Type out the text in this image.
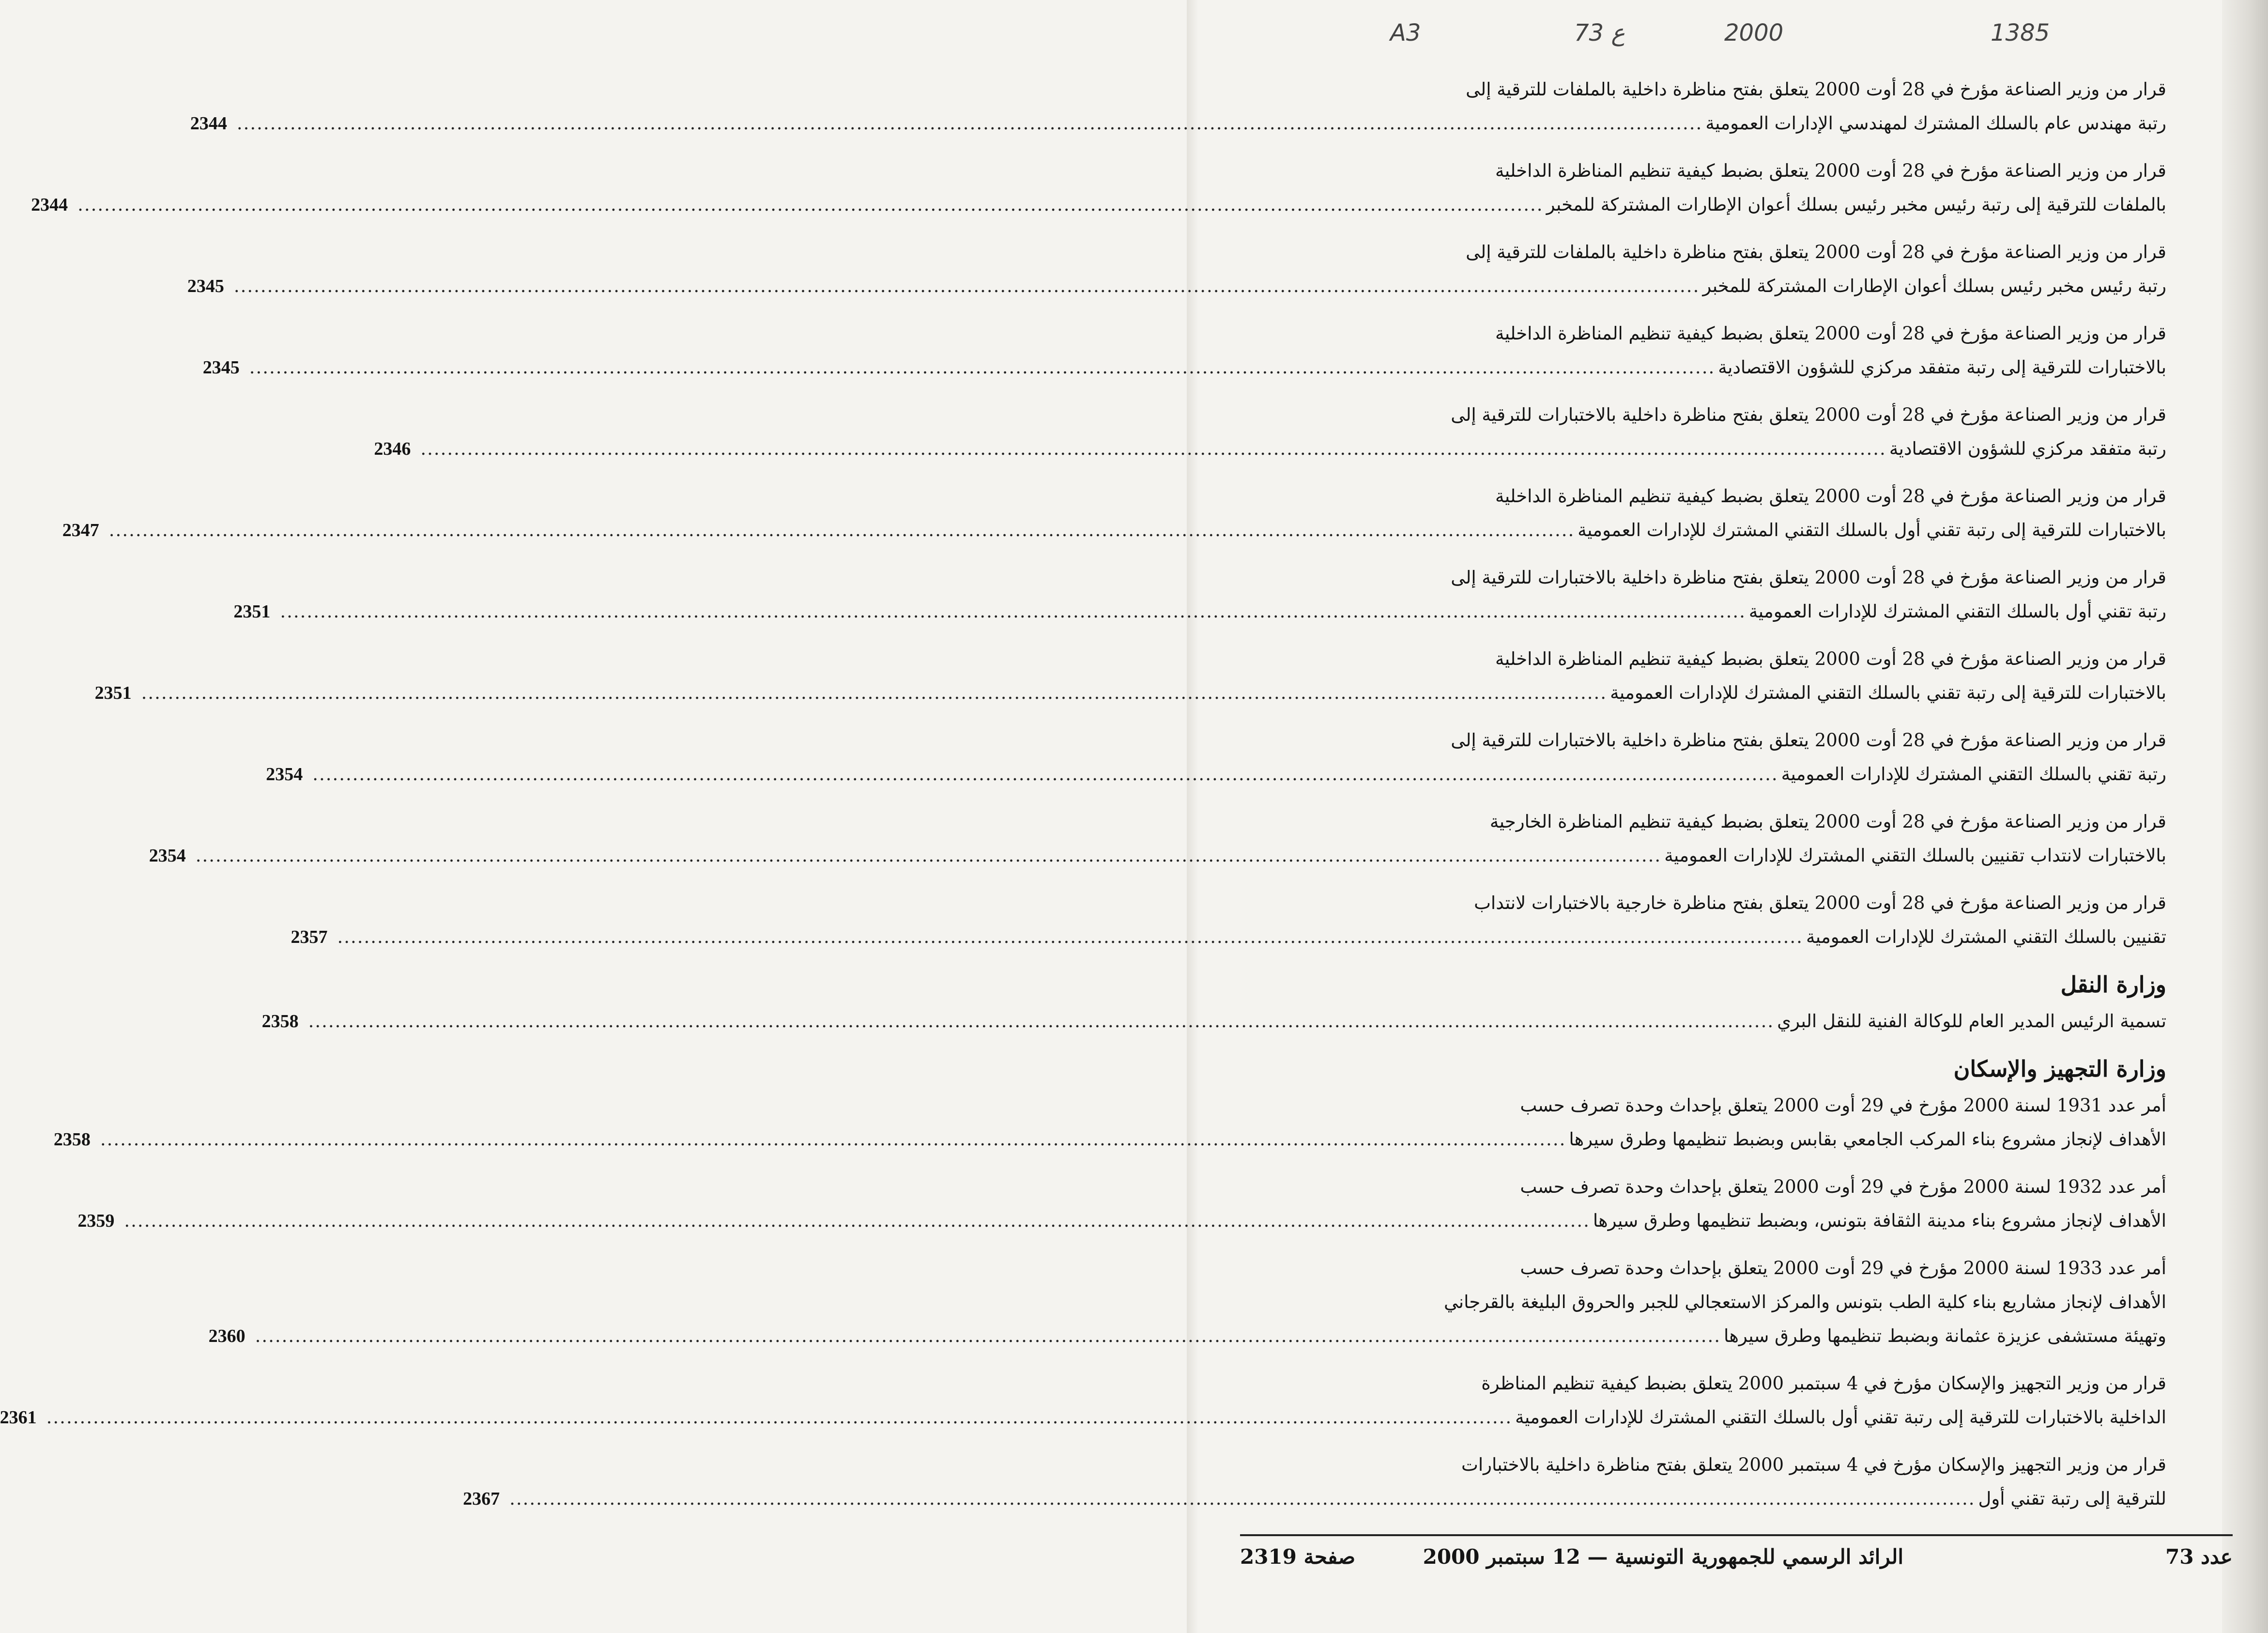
A3	73 ع	2000	1385
قرار من وزير الصناعة مؤرخ في 28 أوت 2000 يتعلق بفتح مناظرة داخلية بالملفات للترقية إلى
رتبة مهندس عام بالسلك المشترك لمهندسي الإدارات العمومية
............................................................................................................................................................................................................................
2344
قرار من وزير الصناعة مؤرخ في 28 أوت 2000 يتعلق بضبط كيفية تنظيم المناظرة الداخلية
بالملفات للترقية إلى رتبة رئيس مخبر رئيس بسلك أعوان الإطارات المشتركة للمخبر
............................................................................................................................................................................................................................
2344
قرار من وزير الصناعة مؤرخ في 28 أوت 2000 يتعلق بفتح مناظرة داخلية بالملفات للترقية إلى
رتبة رئيس مخبر رئيس بسلك أعوان الإطارات المشتركة للمخبر
............................................................................................................................................................................................................................
2345
قرار من وزير الصناعة مؤرخ في 28 أوت 2000 يتعلق بضبط كيفية تنظيم المناظرة الداخلية
بالاختبارات للترقية إلى رتبة متفقد مركزي للشؤون الاقتصادية
............................................................................................................................................................................................................................
2345
قرار من وزير الصناعة مؤرخ في 28 أوت 2000 يتعلق بفتح مناظرة داخلية بالاختبارات للترقية إلى
رتبة متفقد مركزي للشؤون الاقتصادية
............................................................................................................................................................................................................................
2346
قرار من وزير الصناعة مؤرخ في 28 أوت 2000 يتعلق بضبط كيفية تنظيم المناظرة الداخلية
بالاختبارات للترقية إلى رتبة تقني أول بالسلك التقني المشترك للإدارات العمومية
............................................................................................................................................................................................................................
2347
قرار من وزير الصناعة مؤرخ في 28 أوت 2000 يتعلق بفتح مناظرة داخلية بالاختبارات للترقية إلى
رتبة تقني أول بالسلك التقني المشترك للإدارات العمومية
............................................................................................................................................................................................................................
2351
قرار من وزير الصناعة مؤرخ في 28 أوت 2000 يتعلق بضبط كيفية تنظيم المناظرة الداخلية
بالاختبارات للترقية إلى رتبة تقني بالسلك التقني المشترك للإدارات العمومية
............................................................................................................................................................................................................................
2351
قرار من وزير الصناعة مؤرخ في 28 أوت 2000 يتعلق بفتح مناظرة داخلية بالاختبارات للترقية إلى
رتبة تقني بالسلك التقني المشترك للإدارات العمومية
............................................................................................................................................................................................................................
2354
قرار من وزير الصناعة مؤرخ في 28 أوت 2000 يتعلق بضبط كيفية تنظيم المناظرة الخارجية
بالاختبارات لانتداب تقنيين بالسلك التقني المشترك للإدارات العمومية
............................................................................................................................................................................................................................
2354
قرار من وزير الصناعة مؤرخ في 28 أوت 2000 يتعلق بفتح مناظرة خارجية بالاختبارات لانتداب
تقنيين بالسلك التقني المشترك للإدارات العمومية
............................................................................................................................................................................................................................
2357
وزارة النقل
تسمية الرئيس المدير العام للوكالة الفنية للنقل البري
............................................................................................................................................................................................................................
2358
وزارة التجهيز والإسكان
أمر عدد 1931 لسنة 2000 مؤرخ في 29 أوت 2000 يتعلق بإحداث وحدة تصرف حسب
الأهداف لإنجاز مشروع بناء المركب الجامعي بقابس وبضبط تنظيمها وطرق سيرها
............................................................................................................................................................................................................................
2358
أمر عدد 1932 لسنة 2000 مؤرخ في 29 أوت 2000 يتعلق بإحداث وحدة تصرف حسب
الأهداف لإنجاز مشروع بناء مدينة الثقافة بتونس، وبضبط تنظيمها وطرق سيرها
............................................................................................................................................................................................................................
2359
أمر عدد 1933 لسنة 2000 مؤرخ في 29 أوت 2000 يتعلق بإحداث وحدة تصرف حسب
الأهداف لإنجاز مشاريع بناء كلية الطب بتونس والمركز الاستعجالي للجبر والحروق البليغة بالقرجاني
وتهيئة مستشفى عزيزة عثمانة وبضبط تنظيمها وطرق سيرها
............................................................................................................................................................................................................................
2360
قرار من وزير التجهيز والإسكان مؤرخ في 4 سبتمبر 2000 يتعلق بضبط كيفية تنظيم المناظرة
الداخلية بالاختبارات للترقية إلى رتبة تقني أول بالسلك التقني المشترك للإدارات العمومية
............................................................................................................................................................................................................................
2361
قرار من وزير التجهيز والإسكان مؤرخ في 4 سبتمبر 2000 يتعلق بفتح مناظرة داخلية بالاختبارات
للترقية إلى رتبة تقني أول
............................................................................................................................................................................................................................
2367
عدد 73
الرائد الرسمي للجمهورية التونسية — 12 سبتمبر 2000
صفحة 2319
